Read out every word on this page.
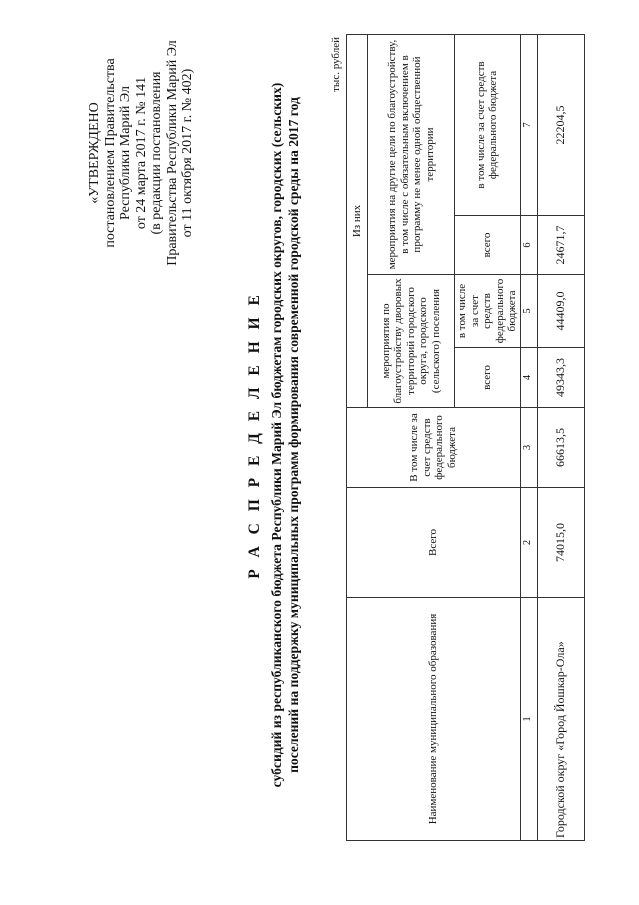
«УТВЕРЖДЕНО постановлением Правительства Республики Марий Эл от 24 марта 2017 г. № 141 (в редакции постановления Правительства Республики Марий Эл от 11 октября 2017 г. № 402)
Р А С П Р Е Д Е Л Е Н И Е субсидий из республиканского бюджета Республики Марий Эл бюджетам городских округов, городских (сельских) поселений на поддержку муниципальных программ формирования современной городской среды на 2017 год
тыс. рублей
Наименование муниципального образования	Всего	В том числе за счет средств федерального бюджета	Из них			
			мероприятия по благоустройству дворовых территорий городского округа, городского (сельского) поселения		мероприятия на другие цели по благоустройству, в том числе с обязательным включением в программу не менее одной общественной территории	
			всего	в том числе за счет средств федерального бюджета	всего	в том числе за счет средств федерального бюджета
1	2	3	4	5	6	7
Городской округ «Город Йошкар-Ола»	74015,0	66613,5	49343,3	44409,0	24671,7	22204,5
